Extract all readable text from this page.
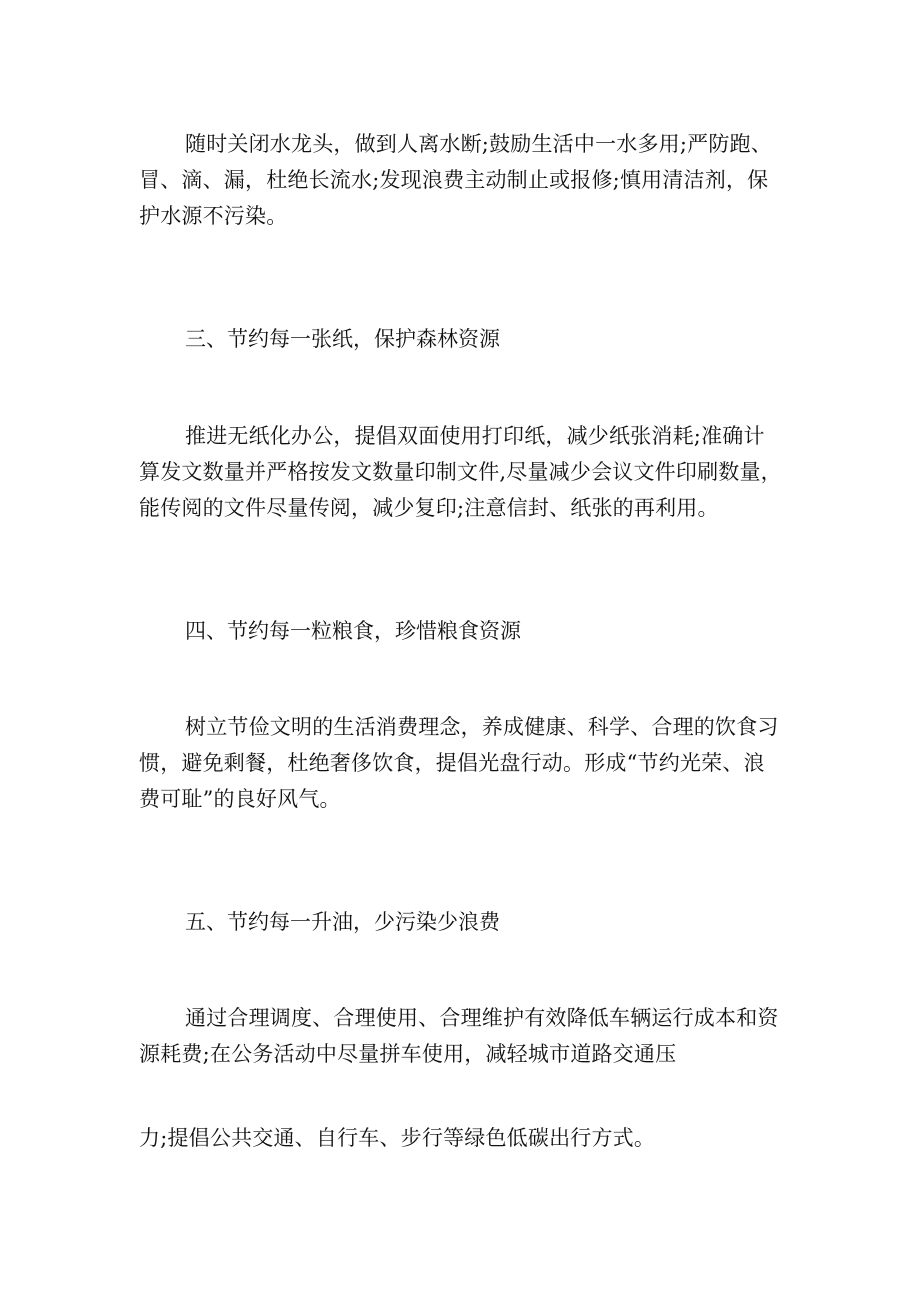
随时关闭水龙头，做到人离水断;鼓励生活中一水多用;严防跑、
冒、滴、漏，杜绝长流水;发现浪费主动制止或报修;慎用清洁剂，保
护水源不污染。

三、节约每一张纸，保护森林资源

推进无纸化办公，提倡双面使用打印纸，减少纸张消耗;准确计
算发文数量并严格按发文数量印制文件,尽量减少会议文件印刷数量，
能传阅的文件尽量传阅，减少复印;注意信封、纸张的再利用。

四、节约每一粒粮食，珍惜粮食资源

树立节俭文明的生活消费理念，养成健康、科学、合理的饮食习
惯，避免剩餐，杜绝奢侈饮食，提倡光盘行动。形成“节约光荣、浪
费可耻”的良好风气。

五、节约每一升油，少污染少浪费

通过合理调度、合理使用、合理维护有效降低车辆运行成本和资
源耗费;在公务活动中尽量拼车使用，减轻城市道路交通压
力;提倡公共交通、自行车、步行等绿色低碳出行方式。
